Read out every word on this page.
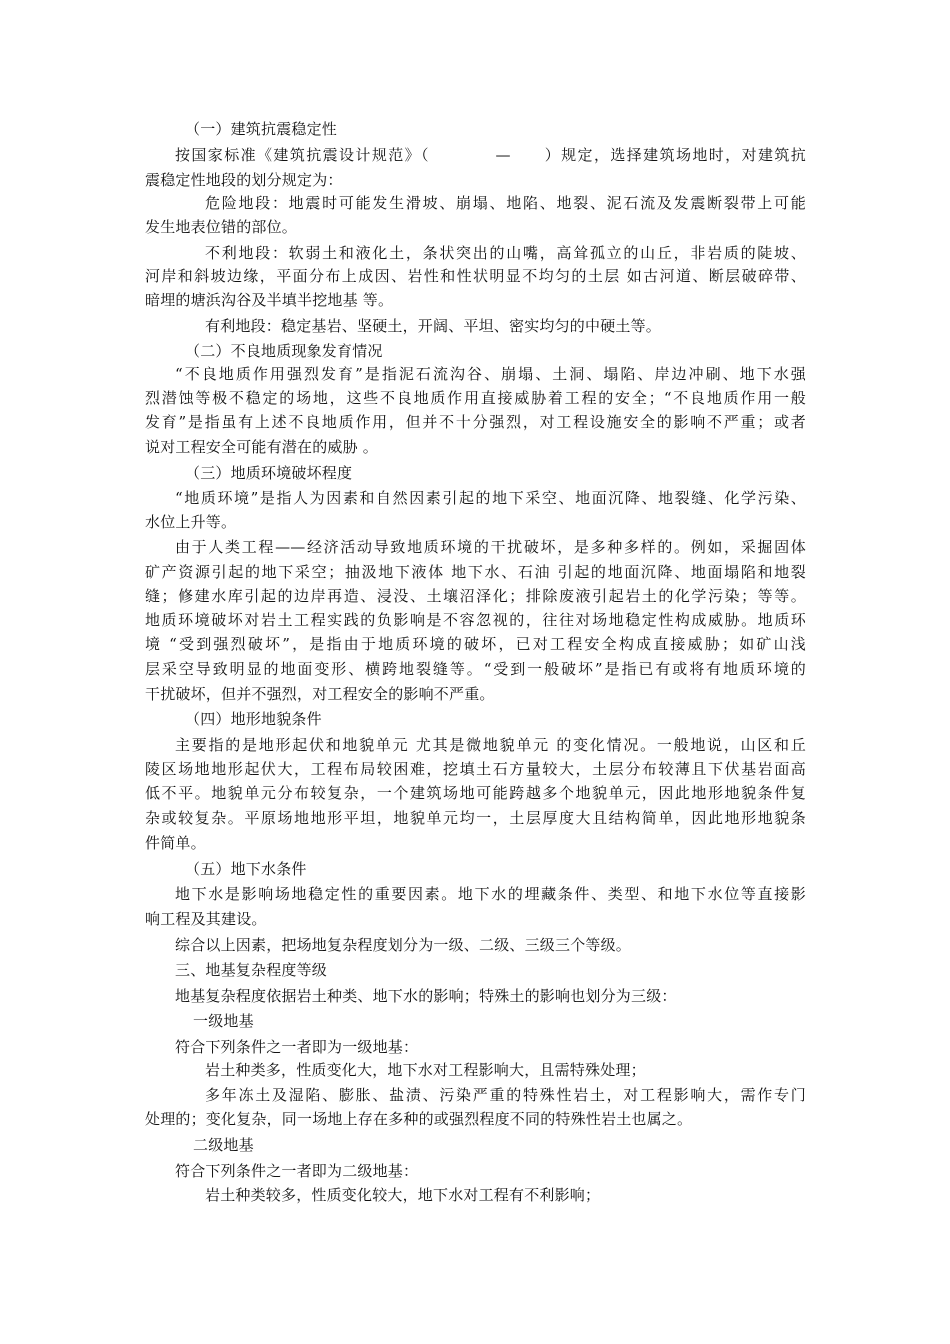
（一）建筑抗震稳定性
按国家标准《建筑抗震设计规范》（　　　　—　　）规定，选择建筑场地时，对建筑抗
震稳定性地段的划分规定为：
危险地段：地震时可能发生滑坡、崩塌、地陷、地裂、泥石流及发震断裂带上可能
发生地表位错的部位。
不利地段：软弱土和液化土，条状突出的山嘴，高耸孤立的山丘，非岩质的陡坡、
河岸和斜坡边缘，平面分布上成因、岩性和性状明显不均匀的土层 如古河道、断层破碎带、
暗埋的塘浜沟谷及半填半挖地基 等。
有利地段：稳定基岩、坚硬土，开阔、平坦、密实均匀的中硬土等。
（二）不良地质现象发育情况
“不良地质作用强烈发育”是指泥石流沟谷、崩塌、土洞、塌陷、岸边冲刷、地下水强
烈潜蚀等极不稳定的场地，这些不良地质作用直接威胁着工程的安全；“不良地质作用一般
发育”是指虽有上述不良地质作用，但并不十分强烈，对工程设施安全的影响不严重；或者
说对工程安全可能有潜在的威胁 。
（三）地质环境破坏程度
“地质环境”是指人为因素和自然因素引起的地下采空、地面沉降、地裂缝、化学污染、
水位上升等。
由于人类工程——经济活动导致地质环境的干扰破坏，是多种多样的。例如，采掘固体
矿产资源引起的地下采空；抽汲地下液体 地下水、石油 引起的地面沉降、地面塌陷和地裂
缝；修建水库引起的边岸再造、浸没、土壤沼泽化；排除废液引起岩土的化学污染；等等。
地质环境破坏对岩土工程实践的负影响是不容忽视的，往往对场地稳定性构成威胁。地质环
境 “受到强烈破坏”，是指由于地质环境的破坏，已对工程安全构成直接威胁；如矿山浅
层采空导致明显的地面变形、横跨地裂缝等。“受到一般破坏”是指已有或将有地质环境的
干扰破坏，但并不强烈，对工程安全的影响不严重。
（四）地形地貌条件
主要指的是地形起伏和地貌单元 尤其是微地貌单元 的变化情况。一般地说，山区和丘
陵区场地地形起伏大，工程布局较困难，挖填土石方量较大，土层分布较薄且下伏基岩面高
低不平。地貌单元分布较复杂，一个建筑场地可能跨越多个地貌单元，因此地形地貌条件复
杂或较复杂。平原场地地形平坦，地貌单元均一，土层厚度大且结构简单，因此地形地貌条
件简单。
（五）地下水条件
地下水是影响场地稳定性的重要因素。地下水的埋藏条件、类型、和地下水位等直接影
响工程及其建设。
综合以上因素，把场地复杂程度划分为一级、二级、三级三个等级。
三、地基复杂程度等级
地基复杂程度依据岩土种类、地下水的影响；特殊土的影响也划分为三级：
一级地基
符合下列条件之一者即为一级地基：
岩土种类多，性质变化大，地下水对工程影响大，且需特殊处理；
多年冻土及湿陷、膨胀、盐渍、污染严重的特殊性岩土，对工程影响大，需作专门
处理的；变化复杂，同一场地上存在多种的或强烈程度不同的特殊性岩土也属之。
二级地基
符合下列条件之一者即为二级地基：
岩土种类较多，性质变化较大，地下水对工程有不利影响；
